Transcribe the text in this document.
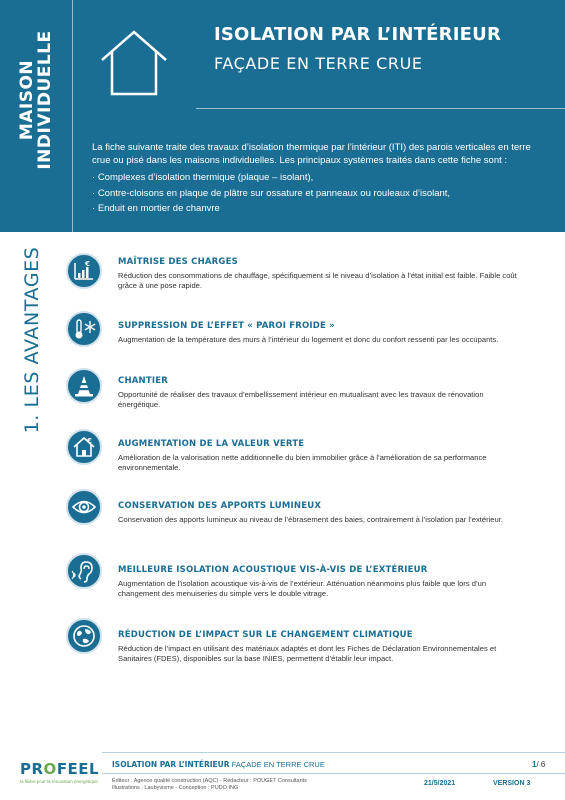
MAISON
INDIVIDUELLE	ISOLATION PAR L’INTÉRIEUR
FAÇADE EN TERRE CRUE

La fiche suivante traite des travaux d’isolation thermique par l’intérieur (ITI) des parois verticales en terre crue ou pisé dans les maisons individuelles. Les principaux systèmes traités dans cette fiche sont :

· Complexes d’isolation thermique (plaque – isolant),
· Contre-cloisons en plaque de plâtre sur ossature et panneaux ou rouleaux d’isolant,
· Enduit en mortier de chanvre
1. LES AVANTAGES	€	MAÎTRISE DES CHARGES
Réduction des consommations de chauffage, spécifiquement si le niveau d’isolation à l’état initial est faible. Faible coût grâce à une pose rapide.
SUPPRESSION DE L’EFFET « PAROI FROIDE »
Augmentation de la température des murs à l’intérieur du logement et donc du confort ressenti par les occupants.
CHANTIER
Opportunité de réaliser des travaux d’embellissement intérieur en mutualisant avec les travaux de rénovation énergétique.
€	AUGMENTATION DE LA VALEUR VERTE
Amélioration de la valorisation nette additionnelle du bien immobilier grâce à l’amélioration de sa performance environnementale.
CONSERVATION DES APPORTS LUMINEUX
Conservation des apports lumineux au niveau de l’ébrasement des baies, contrairement à l’isolation par l’extérieur.
MEILLEURE ISOLATION ACOUSTIQUE VIS-À-VIS DE L’EXTÉRIEUR
Augmentation de l’isolation acoustique vis-à-vis de l’extérieur. Atténuation néanmoins plus faible que lors d’un changement des menuiseries du simple vers le double vitrage.
RÉDUCTION DE L’IMPACT SUR LE CHANGEMENT CLIMATIQUE
Réduction de l’impact en utilisant des matériaux adaptés et dont les Fiches de Déclaration Environnementales et Sanitaires (FDES), disponibles sur la base INIES, permettent d’établir leur impact.
PROFEEL
la filière pour la rénovation énergétique
ISOLATION PAR L’INTÉRIEUR FAÇADE EN TERRE CRUE	1/ 6
Éditeur : Agence qualité construction (AQC) - Rédacteur : POUGET Consultants
Illustrations : Laubyvisme - Conception : PUDO ING
21/5/2021	VERSION 3
